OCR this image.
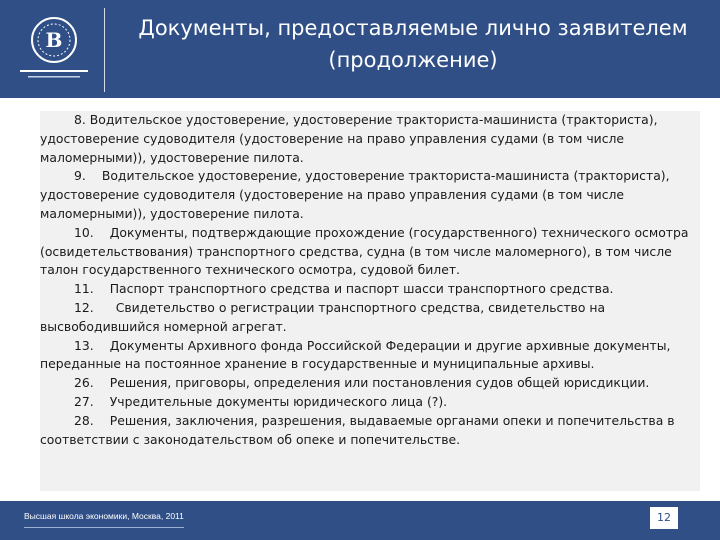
В	Документы, предоставляемые лично заявителем
(продолжение)

8. Водительское удостоверение, удостоверение тракториста-машиниста (тракториста), удостоверение судоводителя (удостоверение на право управления судами (в том числе маломерными)), удостоверение пилота.

9. Водительское удостоверение, удостоверение тракториста-машиниста (тракториста), удостоверение судоводителя (удостоверение на право управления судами (в том числе маломерными)), удостоверение пилота.

10. Документы, подтверждающие прохождение (государственного) технического осмотра (освидетельствования) транспортного средства, судна (в том числе маломерного), в том числе талон государственного технического осмотра, судовой билет.

11. Паспорт транспортного средства и паспорт шасси транспортного средства.

12. Свидетельство о регистрации транспортного средства, свидетельство на высвободившийся номерной агрегат.

13. Документы Архивного фонда Российской Федерации и другие архивные документы, переданные на постоянное хранение в государственные и муниципальные архивы.

26. Решения, приговоры, определения или постановления судов общей юрисдикции.

27. Учредительные документы юридического лица (?).

28. Решения, заключения, разрешения, выдаваемые органами опеки и попечительства в соответствии с законодательством об опеке и попечительстве.

Высшая школа экономики, Москва, 2011	12
